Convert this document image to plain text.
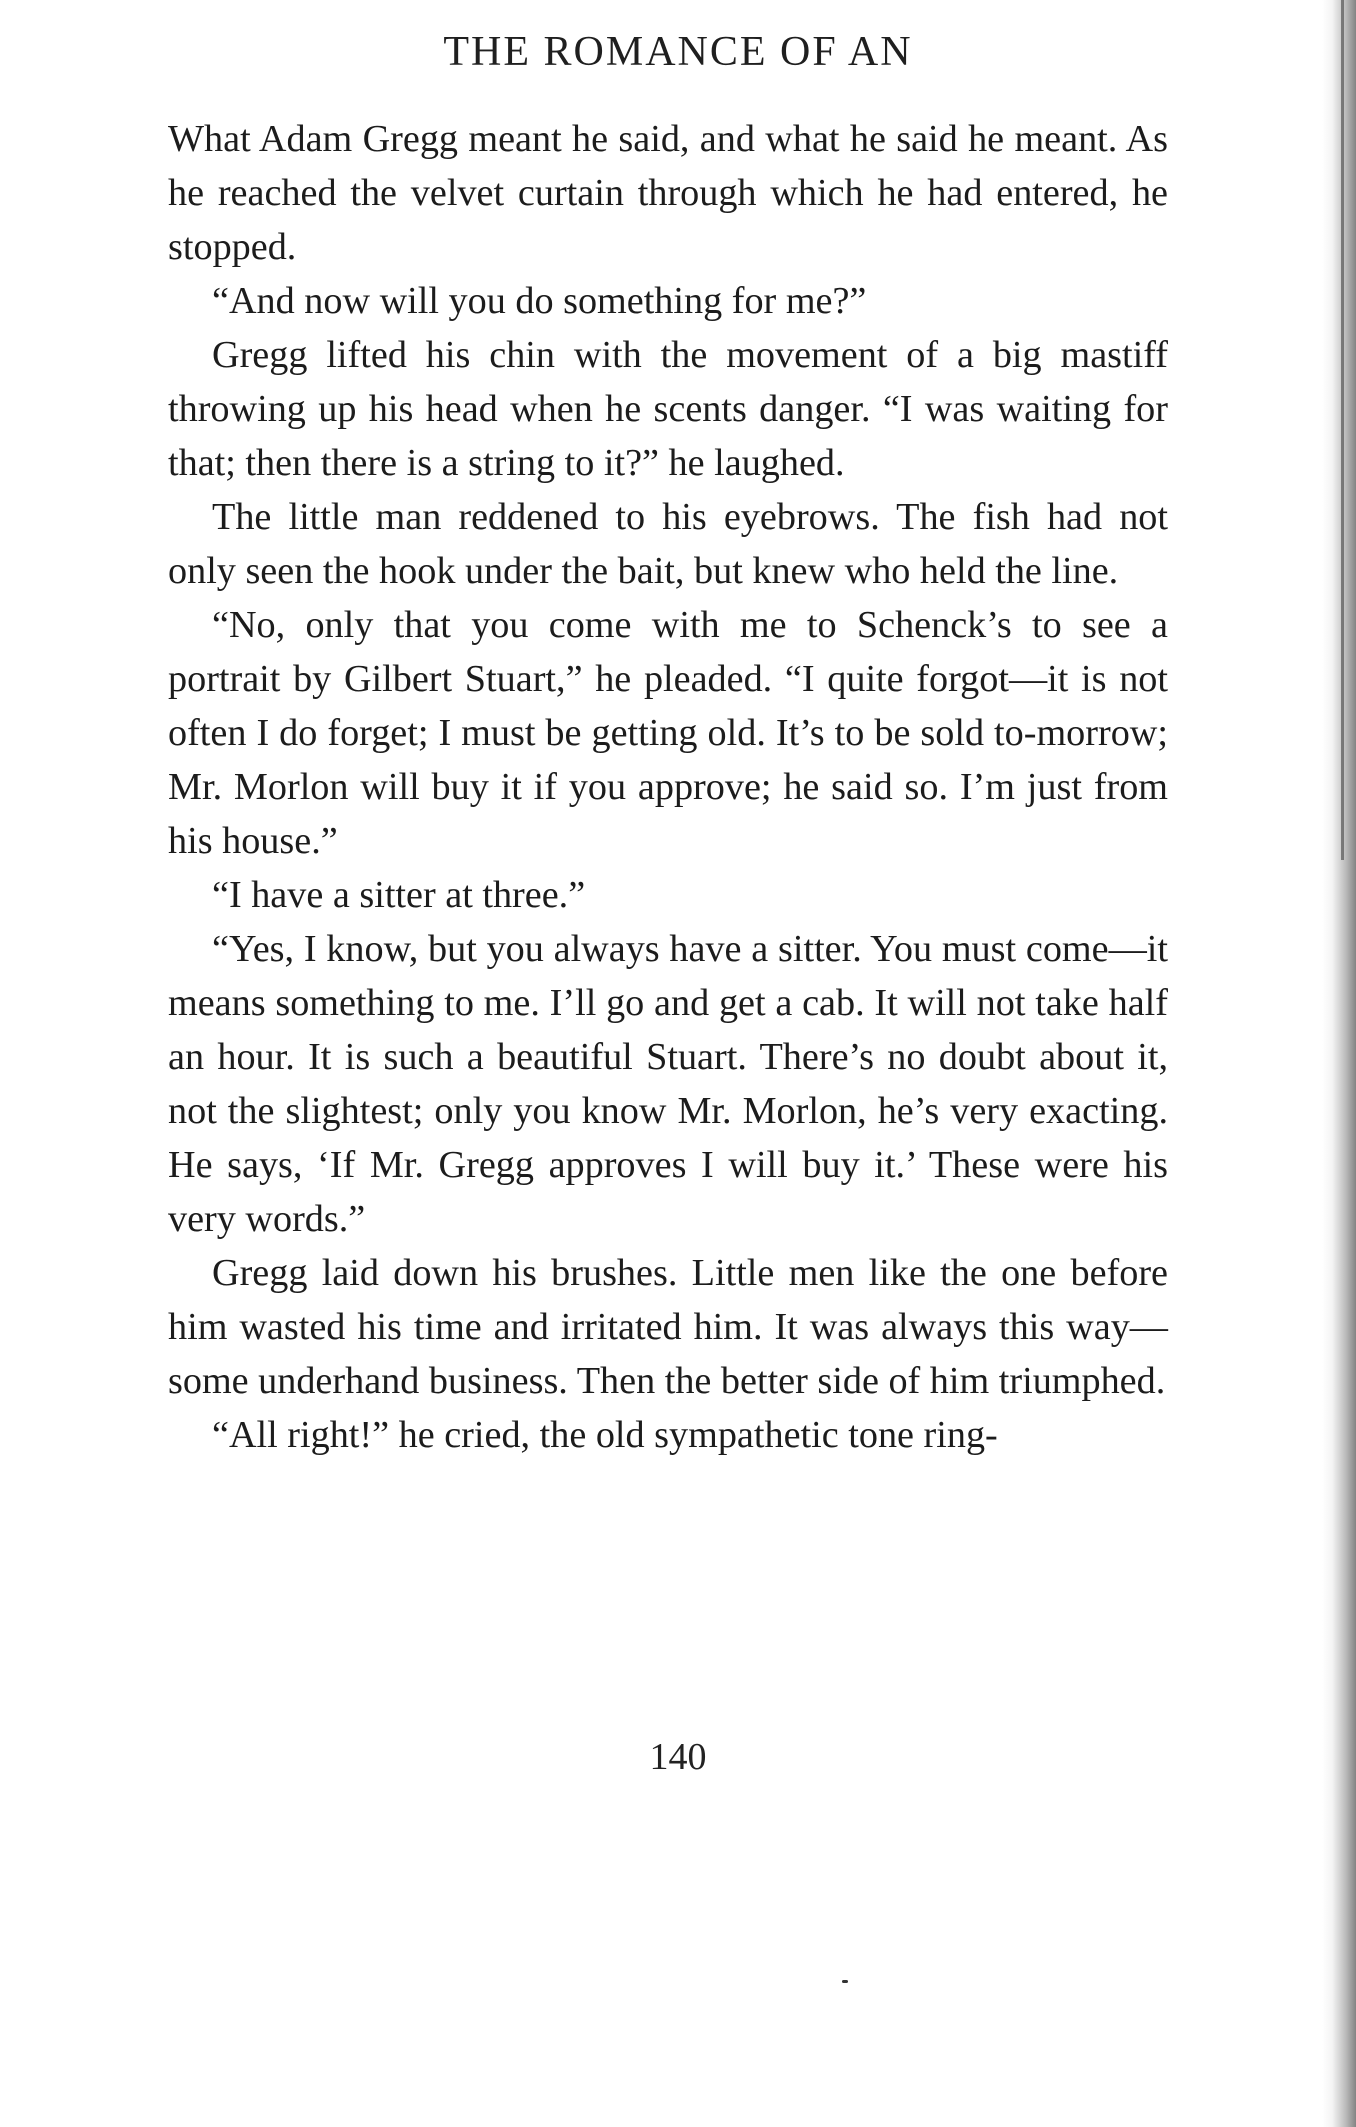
THE ROMANCE OF AN

What Adam Gregg meant he said, and what he said he meant. As he reached the velvet curtain through which he had entered, he stopped.

“And now will you do something for me?”

Gregg lifted his chin with the movement of a big mastiff throwing up his head when he scents danger. “I was waiting for that; then there is a string to it?” he laughed.

The little man reddened to his eyebrows. The fish had not only seen the hook under the bait, but knew who held the line.

“No, only that you come with me to Schenck’s to see a portrait by Gilbert Stuart,” he pleaded. “I quite forgot—it is not often I do forget; I must be getting old. It’s to be sold to-morrow; Mr. Morlon will buy it if you approve; he said so. I’m just from his house.”

“I have a sitter at three.”

“Yes, I know, but you always have a sitter. You must come—it means something to me. I’ll go and get a cab. It will not take half an hour. It is such a beautiful Stuart. There’s no doubt about it, not the slightest; only you know Mr. Morlon, he’s very exacting. He says, ‘If Mr. Gregg approves I will buy it.’ These were his very words.”

Gregg laid down his brushes. Little men like the one before him wasted his time and irritated him. It was always this way—some underhand business. Then the better side of him triumphed.

“All right!” he cried, the old sympathetic tone ring-

140
